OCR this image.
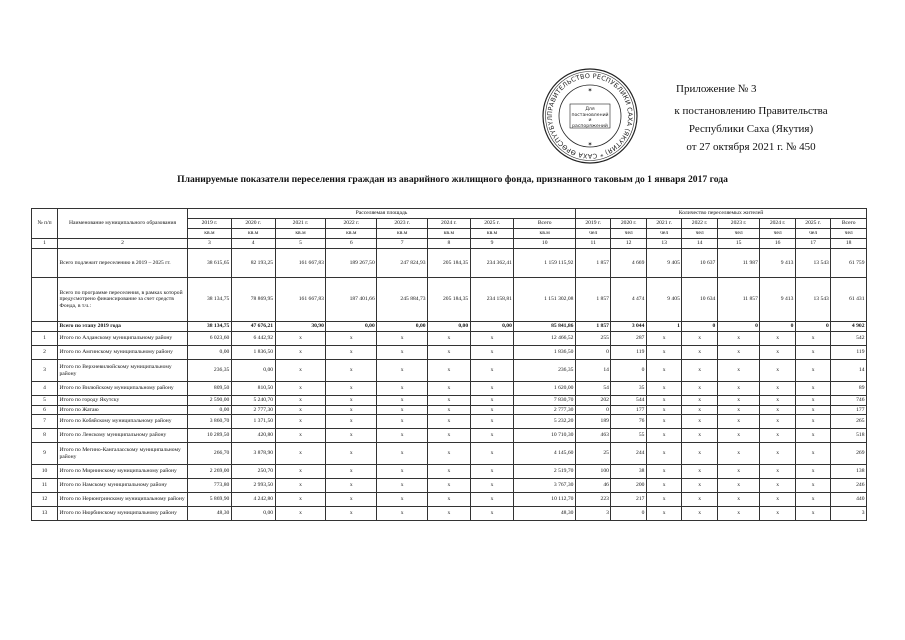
ПРАВИТЕЛЬСТВО РЕСПУБЛИКИ САХА (ЯКУТИЯ) * САХА ӨРӨСПҮҮБҮЛ
Для постановлений и распоряжений
✶
✶
Приложение № 3
к постановлению Правительства
Республики Саха (Якутия)
от 27 октября 2021 г. № 450
Планируемые показатели переселения граждан из аварийного жилищного фонда, признанного таковым до 1 января 2017 года
№ п/п	Наименование муниципального образования	Расселяемая площадь								Количество переселяемых жителей							
		2019 г.	2020 г.	2021 г.	2022 г.	2023 г.	2024 г.	2025 г.	Всего	2019 г.	2020 г.	2021 г.	2022 г.	2023 г.	2024 г.	2025 г.	Всего
		кв.м	кв.м	кв.м	кв.м	кв.м	кв.м	кв.м	кв.м	чел	чел	чел	чел	чел	чел	чел	чел
1	2	3	4	5	6	7	8	9	10	11	12	13	14	15	16	17	18
	Всего подлежит переселению в 2019 – 2025 гг.	38 615,65	82 193,25	161 667,83	189 267,50	247 824,93	205 184,35	234 362,41	1 159 115,92	1 857	4 669	9 405	10 637	11 987	9 413	13 543	61 759
	Всего по программе переселения, в рамках которой предусмотрено финансирование за счет средств Фонда, в т.ч.:	38 134,75	78 869,95	161 667,83	187 401,66	245 884,73	205 184,35	234 158,81	1 151 302,08	1 857	4 474	9 405	10 634	11 857	9 413	13 543	61 431
	Всего по этапу 2019 года	38 134,75	47 676,21	30,90	0,00	0,00	0,00	0,00	85 841,86	1 857	3 044	1	0	0	0	0	4 902
1	Итого по Алданскому муниципальному району	6 023,60	6 442,92	х	х	х	х	х	12 466,52	255	287	х	х	х	х	х	542
2	Итого по Амгинскому муниципальному району	0,00	1 836,50	х	х	х	х	х	1 836,50	0	119	х	х	х	х	х	119
3	Итого по Верхневилюйскому муниципальному району	236,35	0,00	х	х	х	х	х	236,35	14	0	х	х	х	х	х	14
4	Итого по Вилюйскому муниципальному району	809,50	810,50	х	х	х	х	х	1 620,00	54	35	х	х	х	х	х	89
5	Итого по городу Якутску	2 590,00	5 240,70	х	х	х	х	х	7 830,70	202	544	х	х	х	х	х	746
6	Итого по Жатаю	0,00	2 777,30	х	х	х	х	х	2 777,30	0	177	х	х	х	х	х	177
7	Итого по Кобяйскому муниципальному району	3 860,70	1 371,50	х	х	х	х	х	5 232,20	189	76	х	х	х	х	х	265
8	Итого по Ленскому муниципальному району	10 289,50	420,80	х	х	х	х	х	10 710,30	463	55	х	х	х	х	х	518
9	Итого по Мегино-Кангаласскому муниципальному району	266,70	3 878,90	х	х	х	х	х	4 145,60	25	244	х	х	х	х	х	269
10	Итого по Мирнинскому муниципальному району	2 269,00	250,70	х	х	х	х	х	2 519,70	100	38	х	х	х	х	х	138
11	Итого по Намскому муниципальному району	773,80	2 993,50	х	х	х	х	х	3 767,30	46	200	х	х	х	х	х	246
12	Итого по Нерюнгринскому муниципальному району	5 869,90	4 242,80	х	х	х	х	х	10 112,70	223	217	х	х	х	х	х	440
13	Итого по Нюрбинскому муниципальному району	48,30	0,00	х	х	х	х	х	48,30	3	0	х	х	х	х	х	3
